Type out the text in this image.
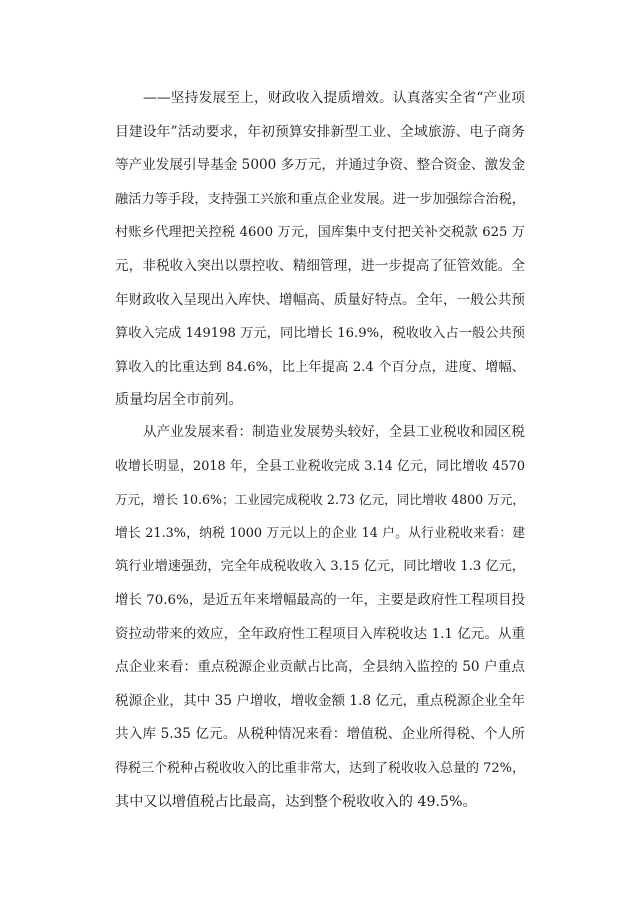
——坚持发展至上，财政收入提质增效。认真落实全省“产业项
目建设年”活动要求，年初预算安排新型工业、全域旅游、电子商务
等产业发展引导基金 5000 多万元，并通过争资、整合资金、激发金
融活力等手段，支持强工兴旅和重点企业发展。进一步加强综合治税，
村账乡代理把关控税 4600 万元，国库集中支付把关补交税款 625 万
元，非税收入突出以票控收、精细管理，进一步提高了征管效能。全
年财政收入呈现出入库快、增幅高、质量好特点。全年，一般公共预
算收入完成 149198 万元，同比增长 16.9%，税收收入占一般公共预
算收入的比重达到 84.6%，比上年提高 2.4 个百分点，进度、增幅、
质量均居全市前列。
从产业发展来看：制造业发展势头较好，全县工业税收和园区税
收增长明显，2018 年，全县工业税收完成 3.14 亿元，同比增收 4570
万元，增长 10.6%；工业园完成税收 2.73 亿元，同比增收 4800 万元，
增长 21.3%，纳税 1000 万元以上的企业 14 户。从行业税收来看：建
筑行业增速强劲，完全年成税收收入 3.15 亿元，同比增收 1.3 亿元，
增长 70.6%，是近五年来增幅最高的一年，主要是政府性工程项目投
资拉动带来的效应，全年政府性工程项目入库税收达 1.1 亿元。从重
点企业来看：重点税源企业贡献占比高，全县纳入监控的 50 户重点
税源企业，其中 35 户增收，增收金额 1.8 亿元，重点税源企业全年
共入库 5.35 亿元。从税种情况来看：增值税、企业所得税、个人所
得税三个税种占税收收入的比重非常大，达到了税收收入总量的 72%，
其中又以增值税占比最高，达到整个税收收入的 49.5%。
